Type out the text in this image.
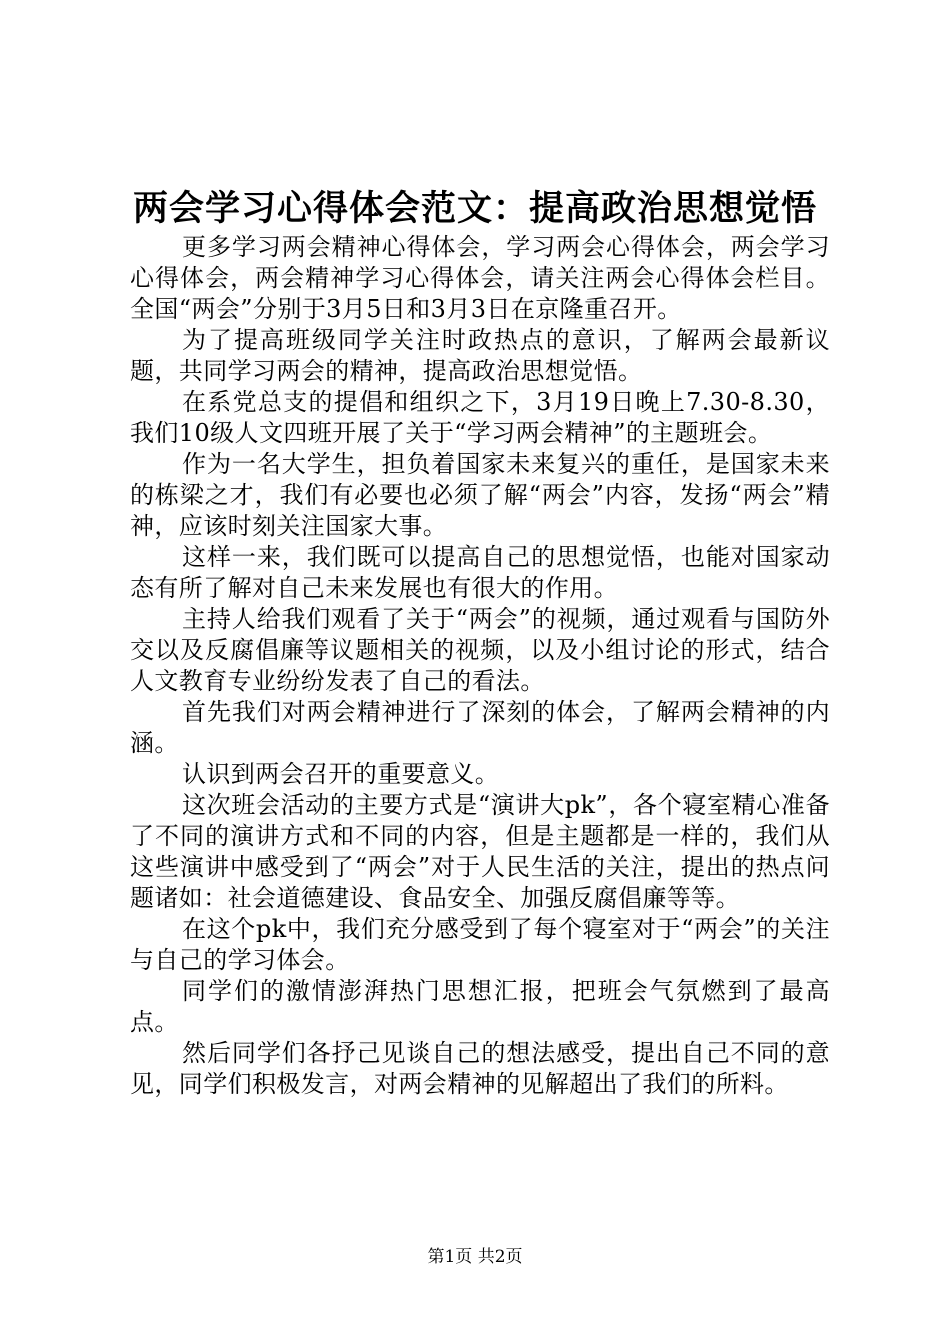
两会学习心得体会范文：提高政治思想觉悟

更多学习两会精神心得体会，学习两会心得体会，两会学习心得体会，两会精神学习心得体会，请关注两会心得体会栏目。全国“两会”分别于3月5日和3月3日在京隆重召开。

为了提高班级同学关注时政热点的意识，了解两会最新议题，共同学习两会的精神，提高政治思想觉悟。

在系党总支的提倡和组织之下，3月19日晚上7.30-8.30，我们10级人文四班开展了关于“学习两会精神”的主题班会。

作为一名大学生，担负着国家未来复兴的重任，是国家未来的栋梁之才，我们有必要也必须了解“两会”内容，发扬“两会”精神，应该时刻关注国家大事。

这样一来，我们既可以提高自己的思想觉悟，也能对国家动态有所了解对自己未来发展也有很大的作用。

主持人给我们观看了关于“两会”的视频，通过观看与国防外交以及反腐倡廉等议题相关的视频，以及小组讨论的形式，结合人文教育专业纷纷发表了自己的看法。

首先我们对两会精神进行了深刻的体会，了解两会精神的内涵。

认识到两会召开的重要意义。

这次班会活动的主要方式是“演讲大pk”，各个寝室精心准备了不同的演讲方式和不同的内容，但是主题都是一样的，我们从这些演讲中感受到了“两会”对于人民生活的关注，提出的热点问题诸如：社会道德建设、食品安全、加强反腐倡廉等等。

在这个pk中，我们充分感受到了每个寝室对于“两会”的关注与自己的学习体会。

同学们的激情澎湃热门思想汇报，把班会气氛燃到了最高点。

然后同学们各抒己见谈自己的想法感受，提出自己不同的意见，同学们积极发言，对两会精神的见解超出了我们的所料。

第1页 共2页
